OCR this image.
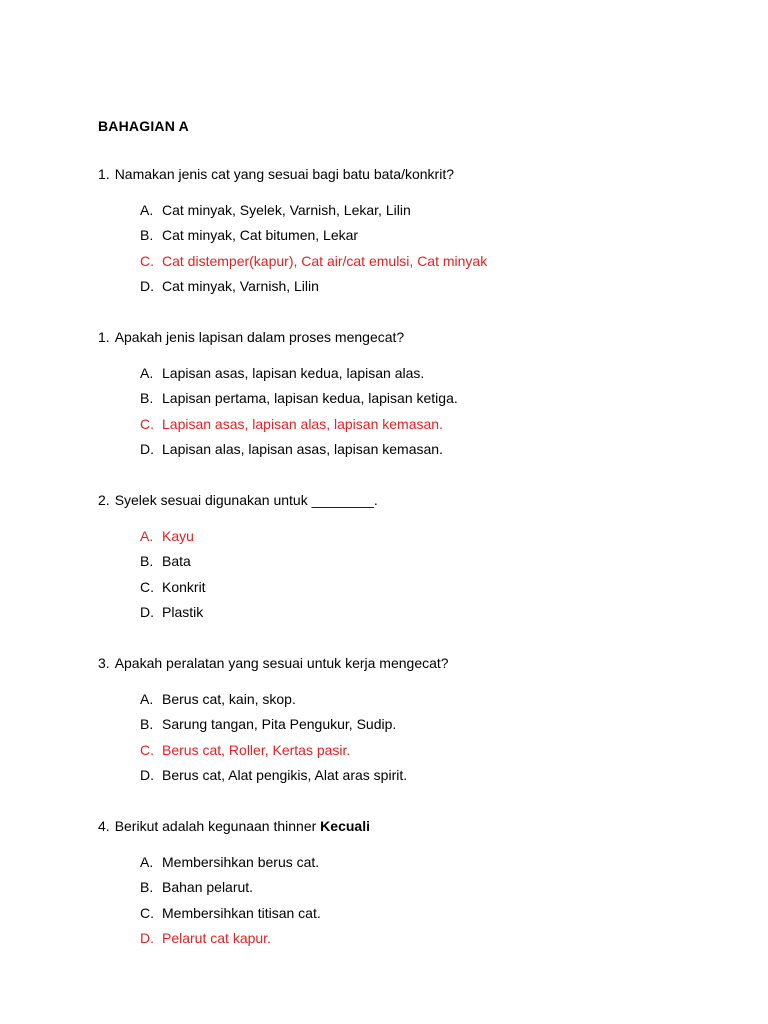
BAHAGIAN A
1. Namakan jenis cat yang sesuai bagi batu bata/konkrit?
A. Cat minyak, Syelek, Varnish, Lekar, Lilin
B. Cat minyak, Cat bitumen, Lekar
C. Cat distemper(kapur), Cat air/cat emulsi, Cat minyak
D. Cat minyak, Varnish, Lilin
1. Apakah jenis lapisan dalam proses mengecat?
A. Lapisan asas, lapisan kedua, lapisan alas.
B. Lapisan pertama, lapisan kedua, lapisan ketiga.
C. Lapisan asas, lapisan alas, lapisan kemasan.
D. Lapisan alas, lapisan asas, lapisan kemasan.
2. Syelek sesuai digunakan untuk ________.
A. Kayu
B. Bata
C. Konkrit
D. Plastik
3. Apakah peralatan yang sesuai untuk kerja mengecat?
A. Berus cat, kain, skop.
B. Sarung tangan, Pita Pengukur, Sudip.
C. Berus cat, Roller, Kertas pasir.
D. Berus cat, Alat pengikis, Alat aras spirit.
4. Berikut adalah kegunaan thinner Kecuali
A. Membersihkan berus cat.
B. Bahan pelarut.
C. Membersihkan titisan cat.
D. Pelarut cat kapur.
